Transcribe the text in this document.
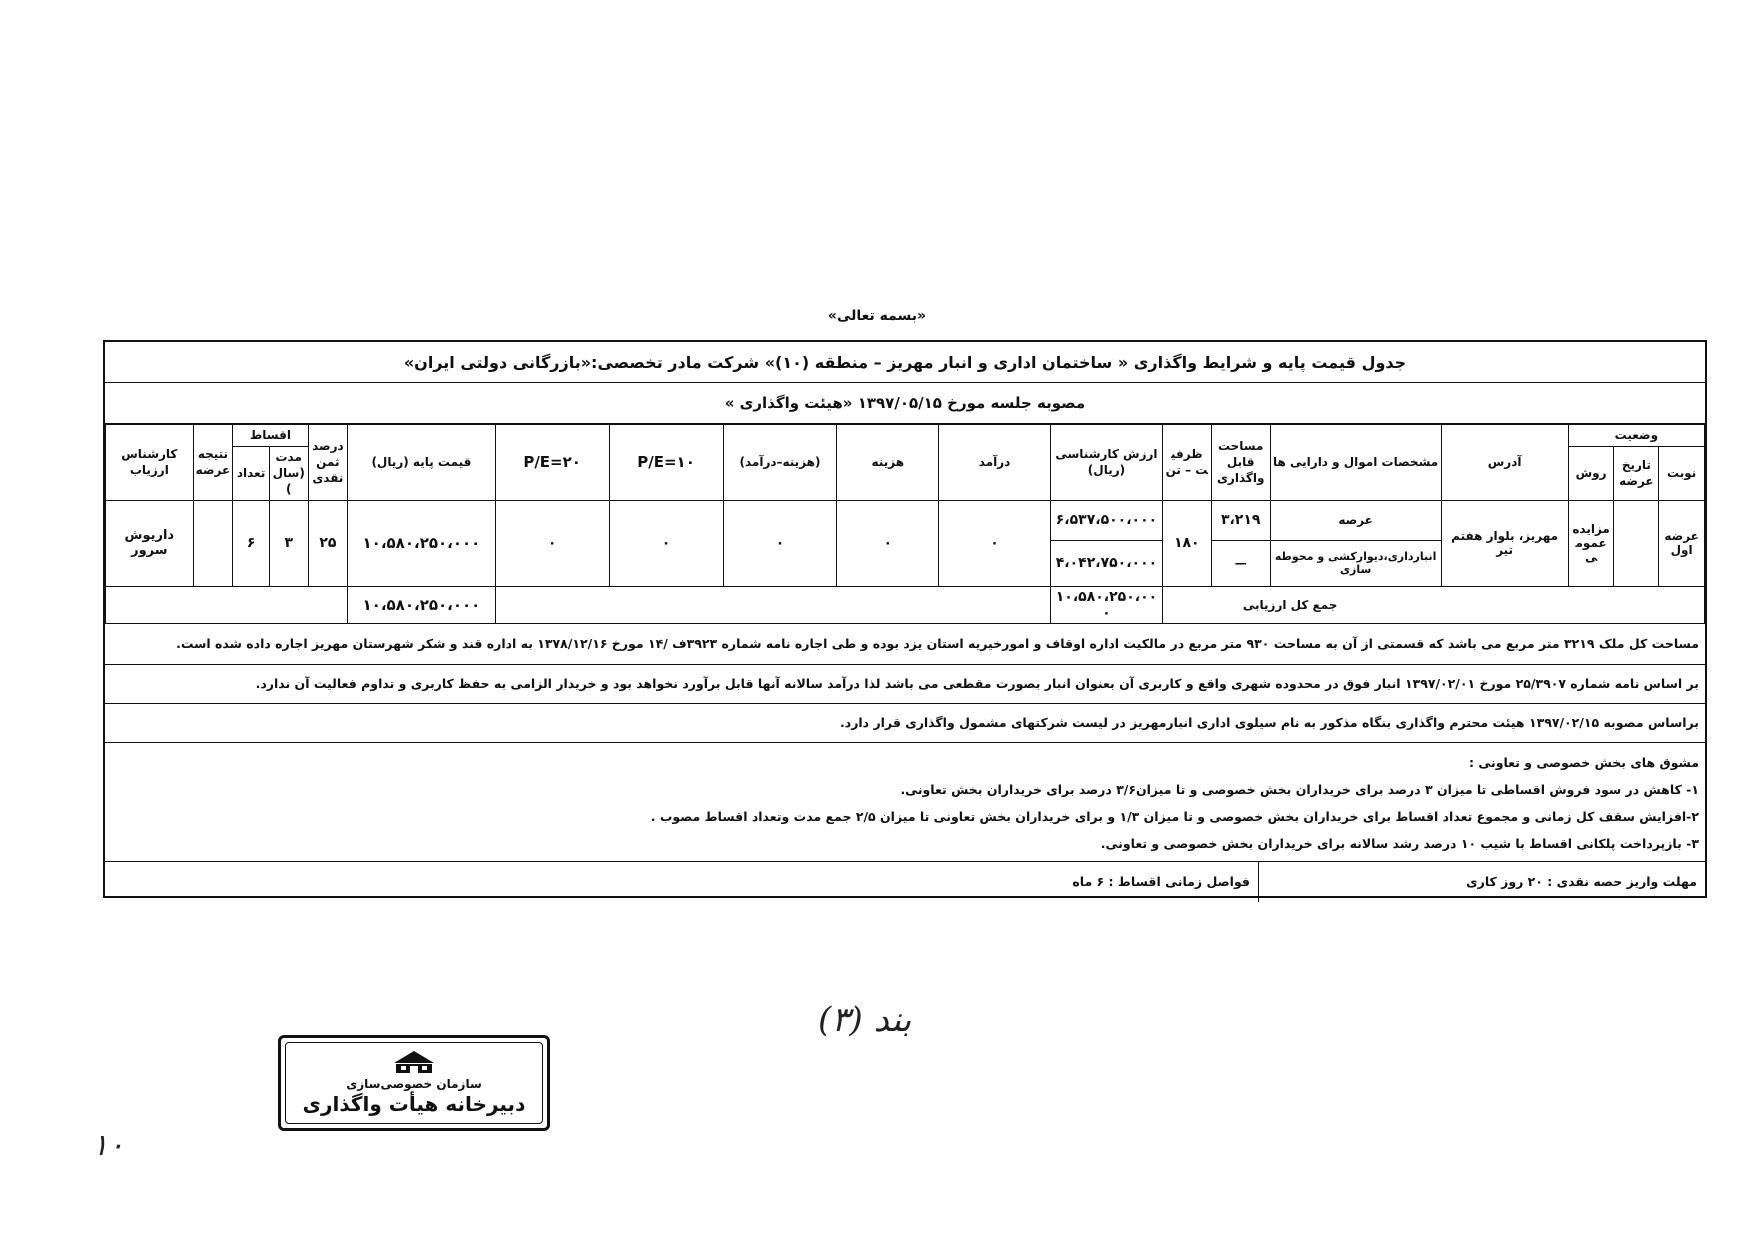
«بسمه تعالی»
جدول قیمت پایه و شرایط واگذاری « ساختمان اداری و انبار مهریز – منطقه (۱۰)» شرکت مادر تخصصی:«بازرگانی دولتی ایران»
مصوبه جلسه مورخ ۱۳۹۷/۰۵/۱۵ «هیئت واگذاری »
وضعیت			آدرس	مشخصات اموال و دارایی ها	مساحت قابل واگذاری	ظرفیت – تن	ارزش کارشناسی (ریال)	درآمد	هزینه	(هزینه–درآمد)	P/E=۱۰	P/E=۲۰	قیمت پایه (ریال)	درصد ثمن نقدی	اقساط		نتیجه عرضه	کارشناس ارزیاب
نوبت	تاریخ عرضه	روش													مدت (سال)	تعداد		
عرضه اول		مزایده عمومی	مهریز، بلوار هفتم تیر	عرصه	۳،۲۱۹	۱۸۰	۶،۵۳۷،۵۰۰،۰۰۰	۰	۰	۰	۰	۰	۱۰،۵۸۰،۲۵۰،۰۰۰	۲۵	۳	۶		داریوش سرور
				انبارداری،دیوارکشی و محوطه سازی	—		۴،۰۴۲،۷۵۰،۰۰۰											
جمع کل ارزیابی							۱۰،۵۸۰،۲۵۰،۰۰۰						۱۰،۵۸۰،۲۵۰،۰۰۰					
مساحت کل ملک ۳۲۱۹ متر مربع می باشد که قسمتی از آن به مساحت ۹۳۰ متر مربع در مالکیت اداره اوقاف و امورخیریه استان یزد بوده و طی اجاره نامه شماره ۳۹۲۳ف /۱۴ مورخ ۱۳۷۸/۱۲/۱۶ به اداره قند و شکر شهرستان مهریز اجاره داده شده است.
بر اساس نامه شماره ۲۵/۳۹۰۷ مورخ ۱۳۹۷/۰۲/۰۱ انبار فوق در محدوده شهری واقع و کاربری آن بعنوان انبار بصورت مقطعی می باشد لذا درآمد سالانه آنها قابل برآورد نخواهد بود و خریدار الزامی به حفظ کاربری و تداوم فعالیت آن ندارد.
براساس مصوبه ۱۳۹۷/۰۲/۱۵ هیئت محترم واگذاری بنگاه مذکور به نام سیلوی اداری انبارمهریز در لیست شرکتهای مشمول واگذاری قرار دارد.
مشوق های بخش خصوصی و تعاونی :
۱- کاهش در سود فروش اقساطی تا میزان ۳ درصد برای خریداران بخش خصوصی و تا میزان۳/۶ درصد برای خریداران بخش تعاونی.
۲-افزایش سقف کل زمانی و مجموع تعداد اقساط برای خریداران بخش خصوصی و تا میزان ۱/۳ و برای خریداران بخش تعاونی تا میزان ۲/۵ جمع مدت وتعداد اقساط مصوب .
۳- بازپرداخت پلکانی اقساط با شیب ۱۰ درصد رشد سالانه برای خریداران بخش خصوصی و تعاونی.
مهلت واریز حصه نقدی : ۲۰ روز کاری
فواصل زمانی اقساط : ۶ ماه
بند (۳)
سازمان خصوصی‌سازی
دبیرخانه هیأت واگذاری
۱۰
